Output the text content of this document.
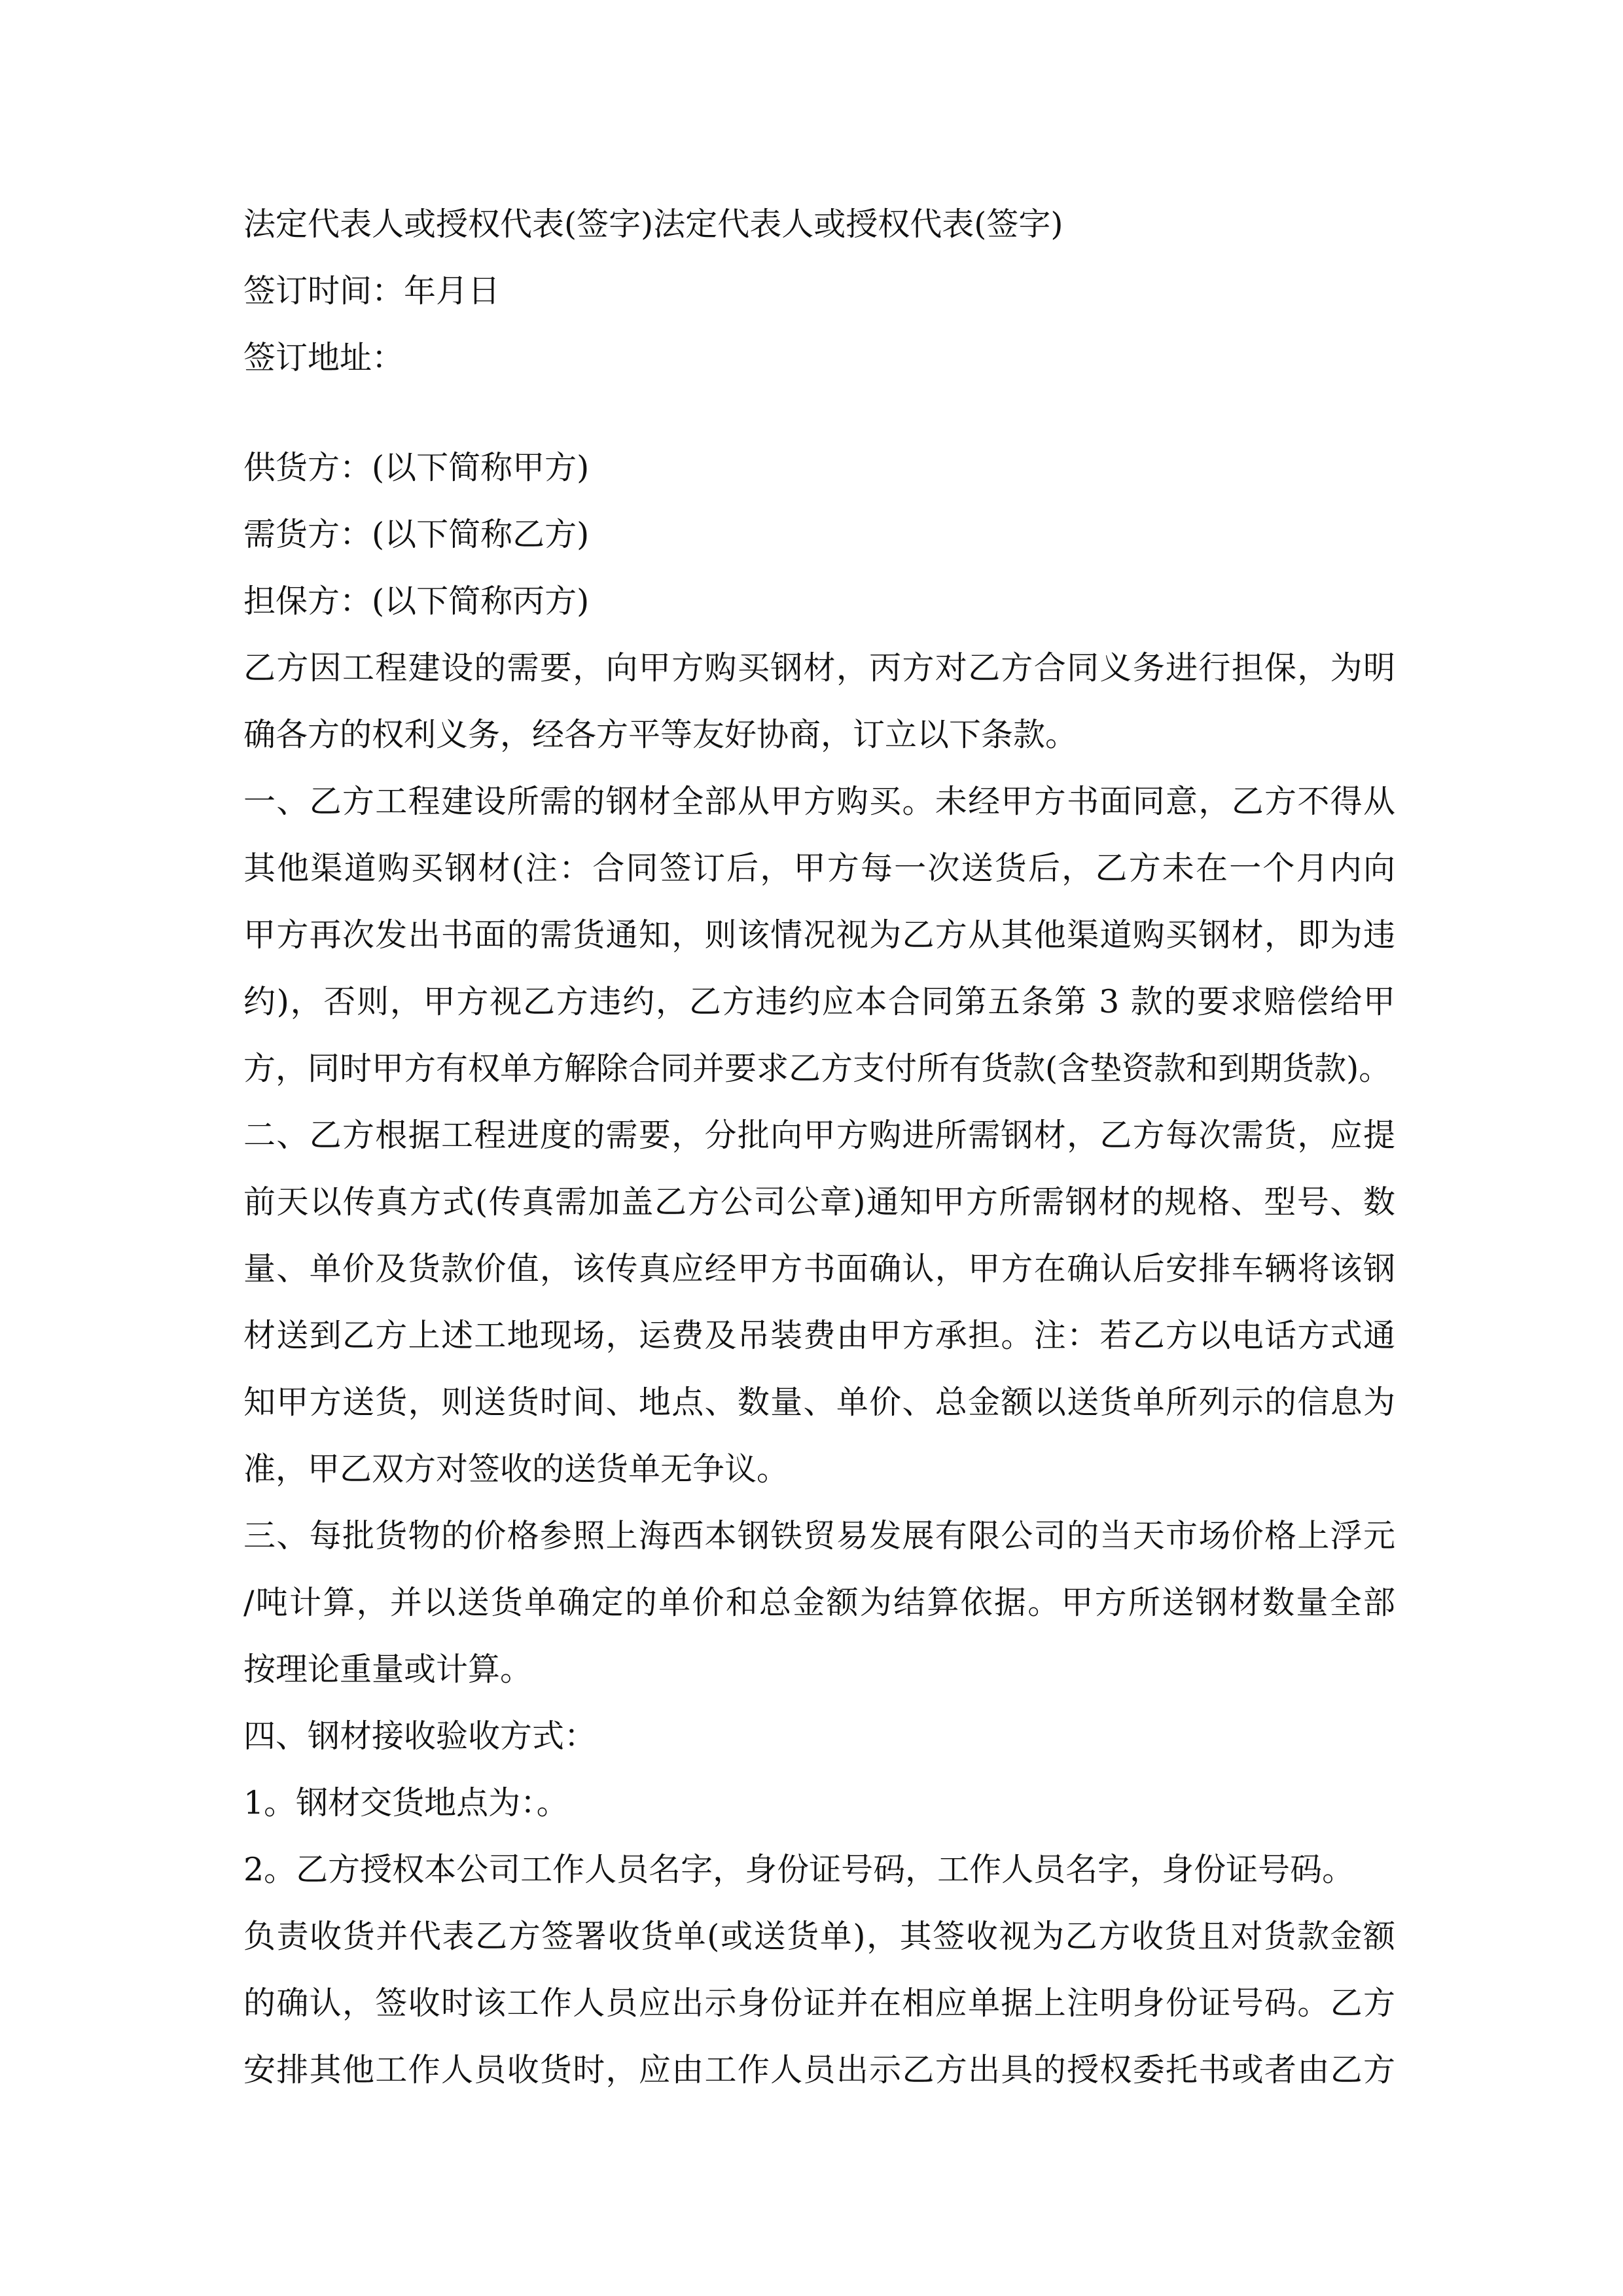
法定代表人或授权代表(签字)法定代表人或授权代表(签字)
签订时间：年月日
签订地址：
供货方：(以下简称甲方)
需货方：(以下简称乙方)
担保方：(以下简称丙方)
乙方因工程建设的需要，向甲方购买钢材，丙方对乙方合同义务进行担保，为明
确各方的权利义务，经各方平等友好协商，订立以下条款。
一、乙方工程建设所需的钢材全部从甲方购买。未经甲方书面同意，乙方不得从
其他渠道购买钢材(注：合同签订后，甲方每一次送货后，乙方未在一个月内向
甲方再次发出书面的需货通知，则该情况视为乙方从其他渠道购买钢材，即为违
约)，否则，甲方视乙方违约，乙方违约应本合同第五条第 3 款的要求赔偿给甲
方，同时甲方有权单方解除合同并要求乙方支付所有货款(含垫资款和到期货款)。
二、乙方根据工程进度的需要，分批向甲方购进所需钢材，乙方每次需货，应提
前天以传真方式(传真需加盖乙方公司公章)通知甲方所需钢材的规格、型号、数
量、单价及货款价值，该传真应经甲方书面确认，甲方在确认后安排车辆将该钢
材送到乙方上述工地现场，运费及吊装费由甲方承担。注：若乙方以电话方式通
知甲方送货，则送货时间、地点、数量、单价、总金额以送货单所列示的信息为
准，甲乙双方对签收的送货单无争议。
三、每批货物的价格参照上海西本钢铁贸易发展有限公司的当天市场价格上浮元
/吨计算，并以送货单确定的单价和总金额为结算依据。甲方所送钢材数量全部
按理论重量或计算。
四、钢材接收验收方式：
1。钢材交货地点为：。
2。乙方授权本公司工作人员名字，身份证号码，工作人员名字，身份证号码。
负责收货并代表乙方签署收货单(或送货单)，其签收视为乙方收货且对货款金额
的确认，签收时该工作人员应出示身份证并在相应单据上注明身份证号码。乙方
安排其他工作人员收货时，应由工作人员出示乙方出具的授权委托书或者由乙方
